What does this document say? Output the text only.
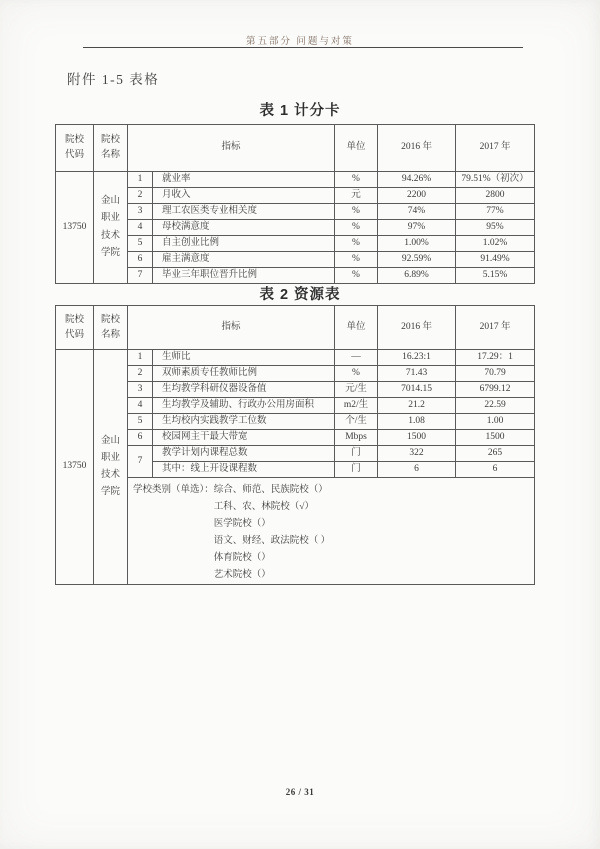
第五部分 问题与对策
附件 1-5 表格
表 1 计分卡
院校代码	院校名称	指标		单位	2016 年	2017 年
13750	金山职业技术学院	1	就业率	%	94.26%	79.51%（初次）
		2	月收入	元	2200	2800
		3	理工农医类专业相关度	%	74%	77%
		4	母校满意度	%	97%	95%
		5	自主创业比例	%	1.00%	1.02%
		6	雇主满意度	%	92.59%	91.49%
		7	毕业三年职位晋升比例	%	6.89%	5.15%
表 2 资源表
院校代码	院校名称	指标		单位	2016 年	2017 年
13750	金山职业技术学院	1	生师比	—	16.23:1	17.29：1
		2	双师素质专任教师比例	%	71.43	70.79
		3	生均教学科研仪器设备值	元/生	7014.15	6799.12
		4	生均教学及辅助、行政办公用房面积	m2/生	21.2	22.59
		5	生均校内实践教学工位数	个/生	1.08	1.00
		6	校园网主干最大带宽	Mbps	1500	1500
		7	教学计划内课程总数	门	322	265
			其中：线上开设课程数	门	6	6

学校类别（单选）： 综合、师范、民族院校（）
工科、农、林院校（√）
医学院校（）
语文、财经、政法院校（ ）
体育院校（）
艺术院校（）
26 / 31
